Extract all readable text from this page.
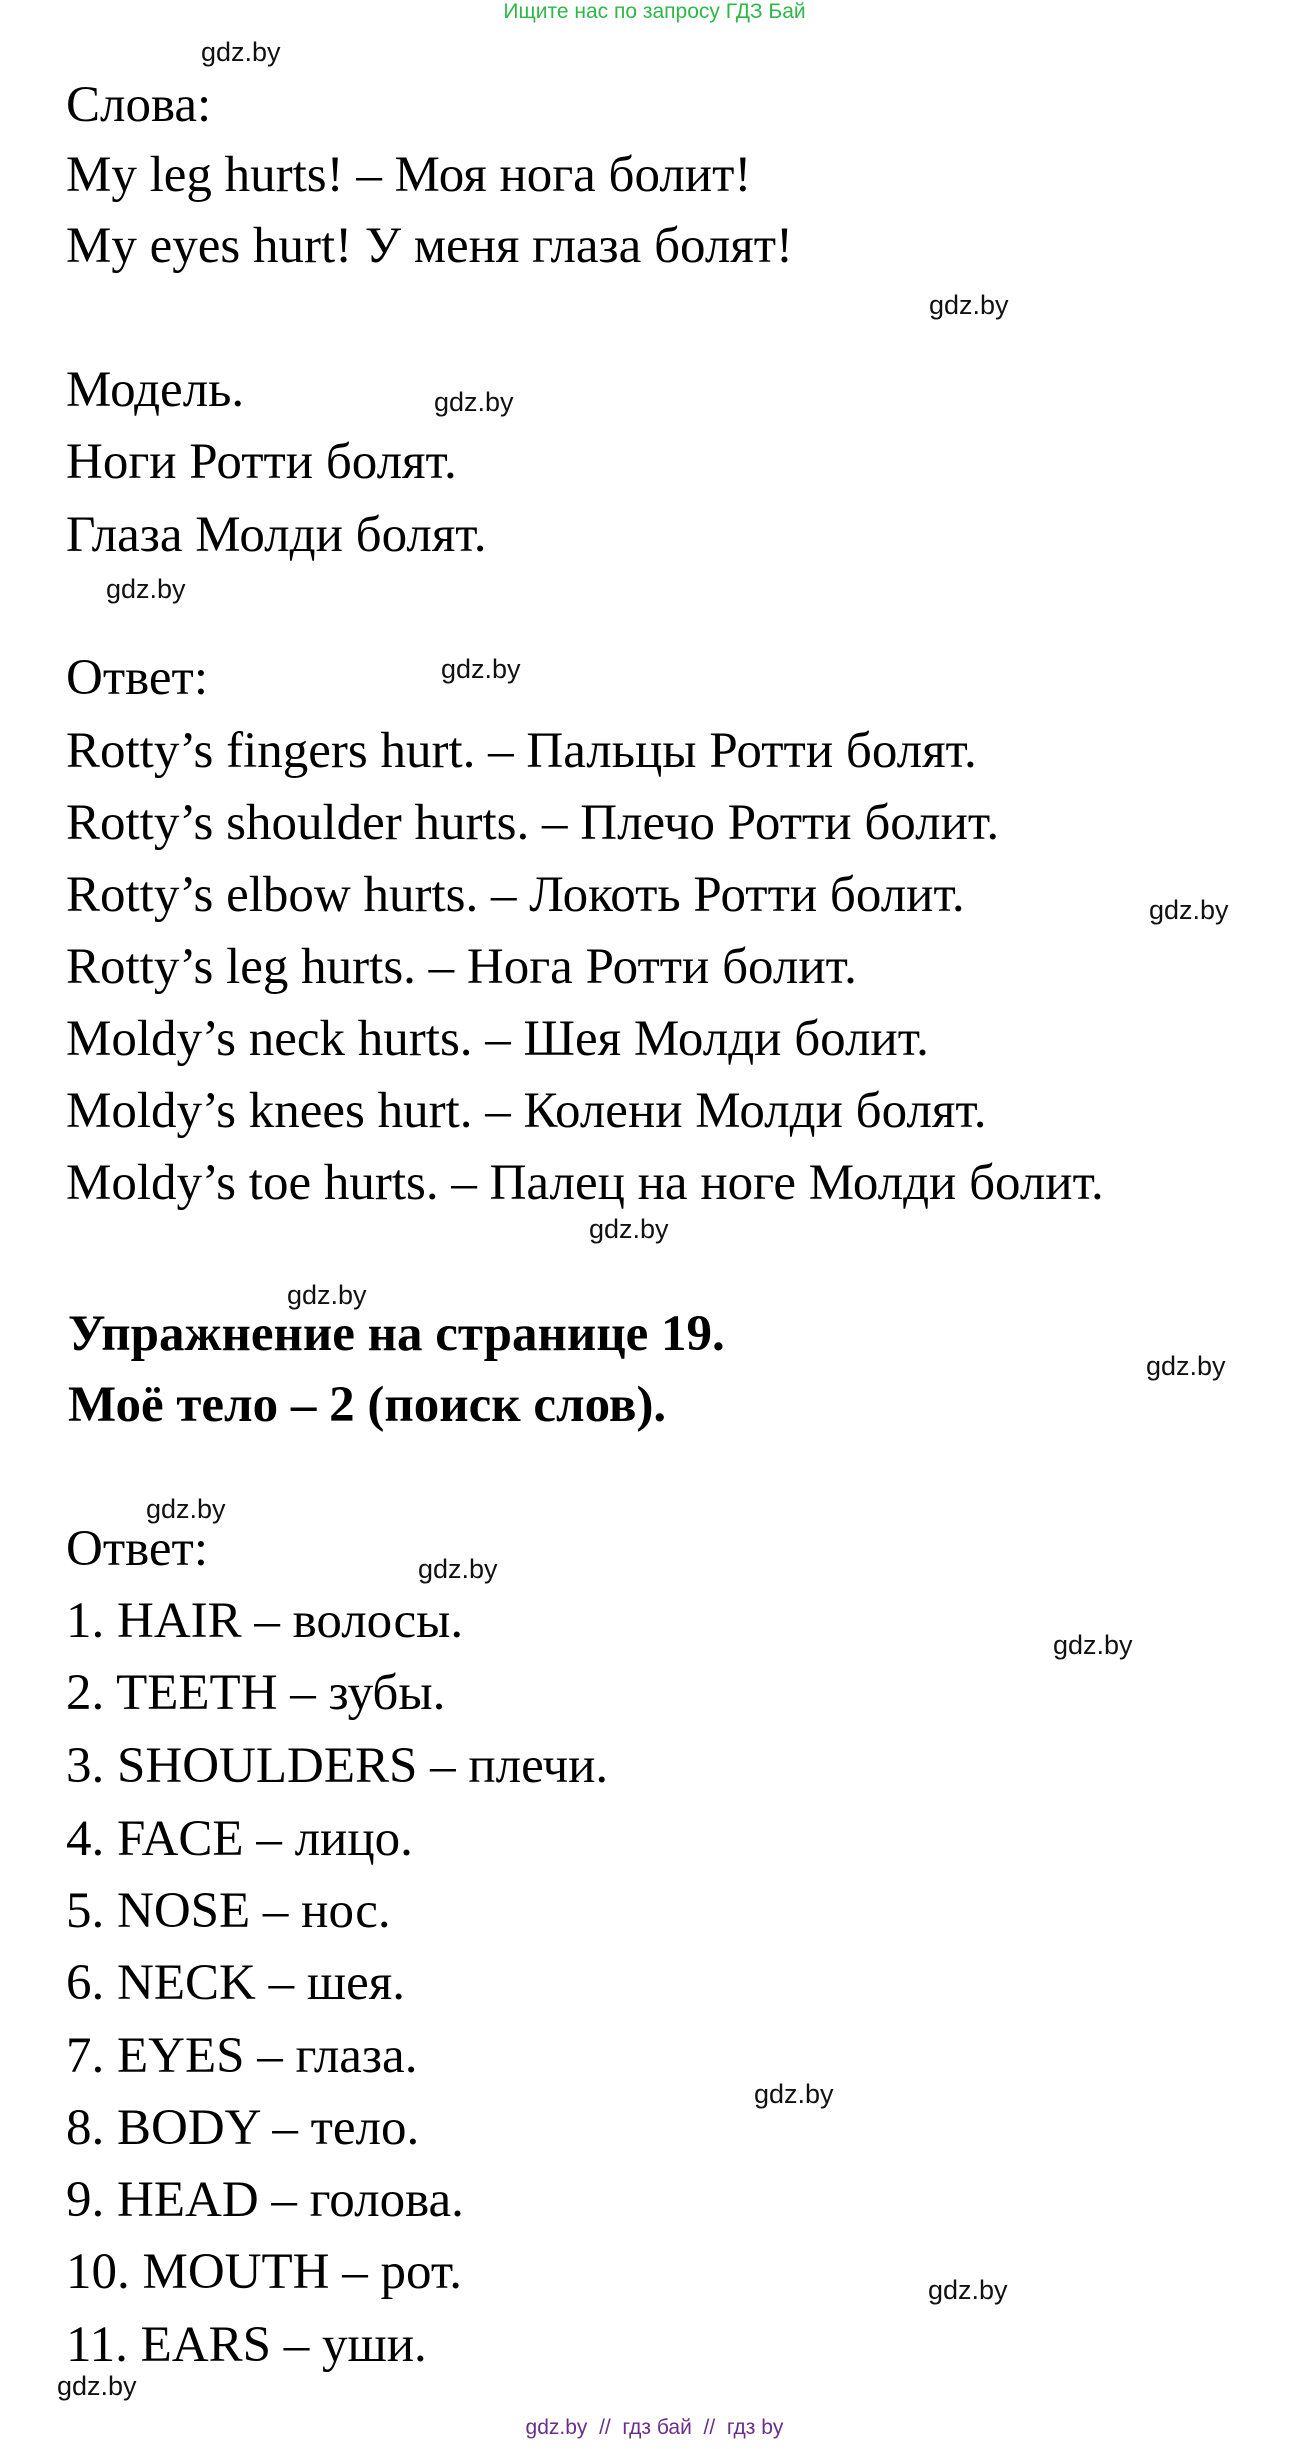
Ищите нас по запросу ГДЗ Бай
gdz.by
gdz.by
gdz.by
gdz.by
gdz.by
gdz.by
gdz.by
gdz.by
gdz.by
gdz.by
gdz.by
gdz.by
gdz.by
gdz.by
gdz.by
Слова:
My leg hurts! – Моя нога болит!
My eyes hurt! У меня глаза болят!
Модель.
Ноги Ротти болят.
Глаза Молди болят.
Ответ:
Rotty’s fingers hurt. – Пальцы Ротти болят.
Rotty’s shoulder hurts. – Плечо Ротти болит.
Rotty’s elbow hurts. – Локоть Ротти болит.
Rotty’s leg hurts. – Нога Ротти болит.
Moldy’s neck hurts. – Шея Молди болит.
Moldy’s knees hurt. – Колени Молди болят.
Moldy’s toe hurts. – Палец на ноге Молди болит.
Упражнение на странице 19.
Моё тело – 2 (поиск слов).
Ответ:
1. HAIR – волосы.
2. TEETH – зубы.
3. SHOULDERS – плечи.
4. FACE – лицо.
5. NOSE – нос.
6. NECK – шея.
7. EYES – глаза.
8. BODY – тело.
9. HEAD – голова.
10. MOUTH – рот.
11. EARS – уши.
gdz.by  //  гдз бай  //  гдз by
